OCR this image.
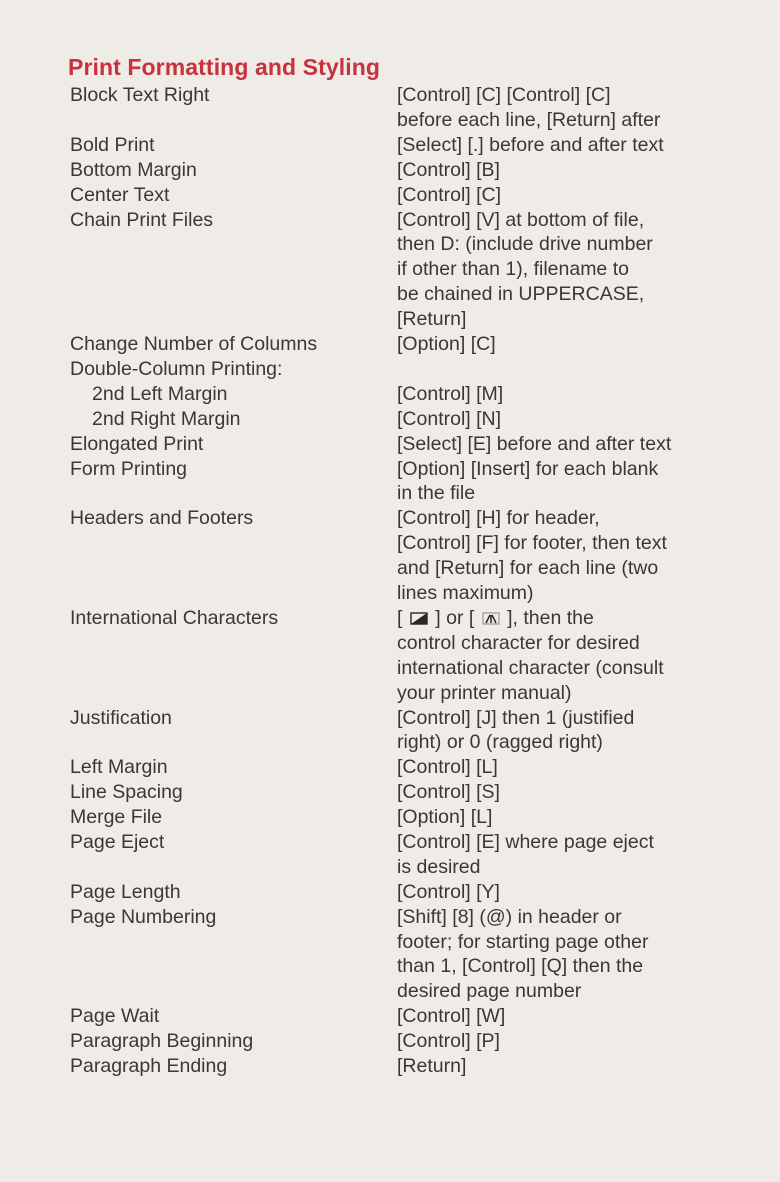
Print Formatting and Styling
Block Text Right	[Control] [C] [Control] [C]
before each line, [Return] after
Bold Print	[Select] [.] before and after text
Bottom Margin	[Control] [B]
Center Text	[Control] [C]
Chain Print Files	[Control] [V] at bottom of file,
then D: (include drive number
if other than 1), filename to
be chained in UPPERCASE,
[Return]
Change Number of Columns	[Option] [C]
Double-Column Printing:
2nd Left Margin	[Control] [M]
2nd Right Margin	[Control] [N]
Elongated Print	[Select] [E] before and after text
Form Printing	[Option] [Insert] for each blank
in the file
Headers and Footers	[Control] [H] for header,
[Control] [F] for footer, then text
and [Return] for each line (two
lines maximum)
International Characters	[  ] or [  ], then the
control character for desired
international character (consult
your printer manual)
Justification	[Control] [J] then 1 (justified
right) or 0 (ragged right)
Left Margin	[Control] [L]
Line Spacing	[Control] [S]
Merge File	[Option] [L]
Page Eject	[Control] [E] where page eject
is desired
Page Length	[Control] [Y]
Page Numbering	[Shift] [8] (@) in header or
footer; for starting page other
than 1, [Control] [Q] then the
desired page number
Page Wait	[Control] [W]
Paragraph Beginning	[Control] [P]
Paragraph Ending	[Return]
